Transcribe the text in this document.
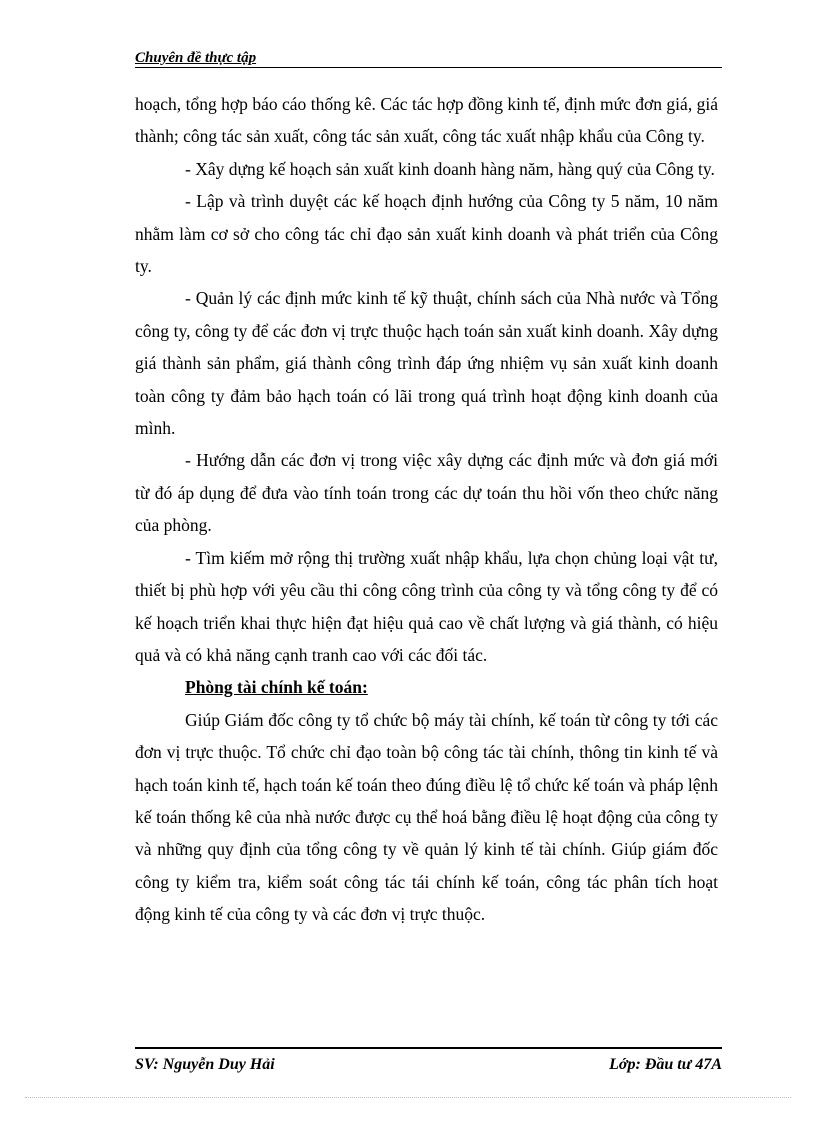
Chuyên đề thực tập

hoạch, tổng hợp báo cáo thống kê. Các tác hợp đồng kinh tế, định mức đơn giá, giá thành; công tác sản xuất, công tác sản xuất, công tác xuất nhập khẩu của Công ty.

- Xây dựng kế hoạch sản xuất kinh doanh hàng năm, hàng quý của Công ty.

- Lập và trình duyệt các kế hoạch định hướng của Công ty 5 năm, 10 năm nhằm làm cơ sở cho công tác chỉ đạo sản xuất kinh doanh và phát triển của Công ty.

- Quản lý các định mức kinh tế kỹ thuật, chính sách của Nhà nước và Tổng công ty, công ty để các đơn vị trực thuộc hạch toán sản xuất kinh doanh. Xây dựng giá thành sản phẩm, giá thành công trình đáp ứng nhiệm vụ sản xuất kinh doanh toàn công ty đảm bảo hạch toán có lãi trong quá trình hoạt động kinh doanh của mình.

- Hướng dẫn các đơn vị trong việc xây dựng các định mức và đơn giá mới từ đó áp dụng để đưa vào tính toán trong các dự toán thu hồi vốn theo chức năng của phòng.

- Tìm kiếm mở rộng thị trường xuất nhập khẩu, lựa chọn chủng loại vật tư, thiết bị phù hợp với yêu cầu thi công công trình của công ty và tổng công ty để có kế hoạch triển khai thực hiện đạt hiệu quả cao về chất lượng và giá thành, có hiệu quả và có khả năng cạnh tranh cao với các đối tác.

Phòng tài chính kế toán:

Giúp Giám đốc công ty tổ chức bộ máy tài chính, kế toán từ công ty tới các đơn vị trực thuộc. Tổ chức chỉ đạo toàn bộ công tác tài chính, thông tin kinh tế và hạch toán kinh tế, hạch toán kế toán theo đúng điều lệ tổ chức kế toán và pháp lệnh kế toán thống kê của nhà nước được cụ thể hoá bằng điều lệ hoạt động của công ty và những quy định của tổng công ty về quản lý kinh tế tài chính. Giúp giám đốc công ty kiểm tra, kiểm soát công tác tái chính kế toán, công tác phân tích hoạt động kinh tế của công ty và các đơn vị trực thuộc.

SV: Nguyễn Duy Hải	Lớp: Đầu tư 47A
